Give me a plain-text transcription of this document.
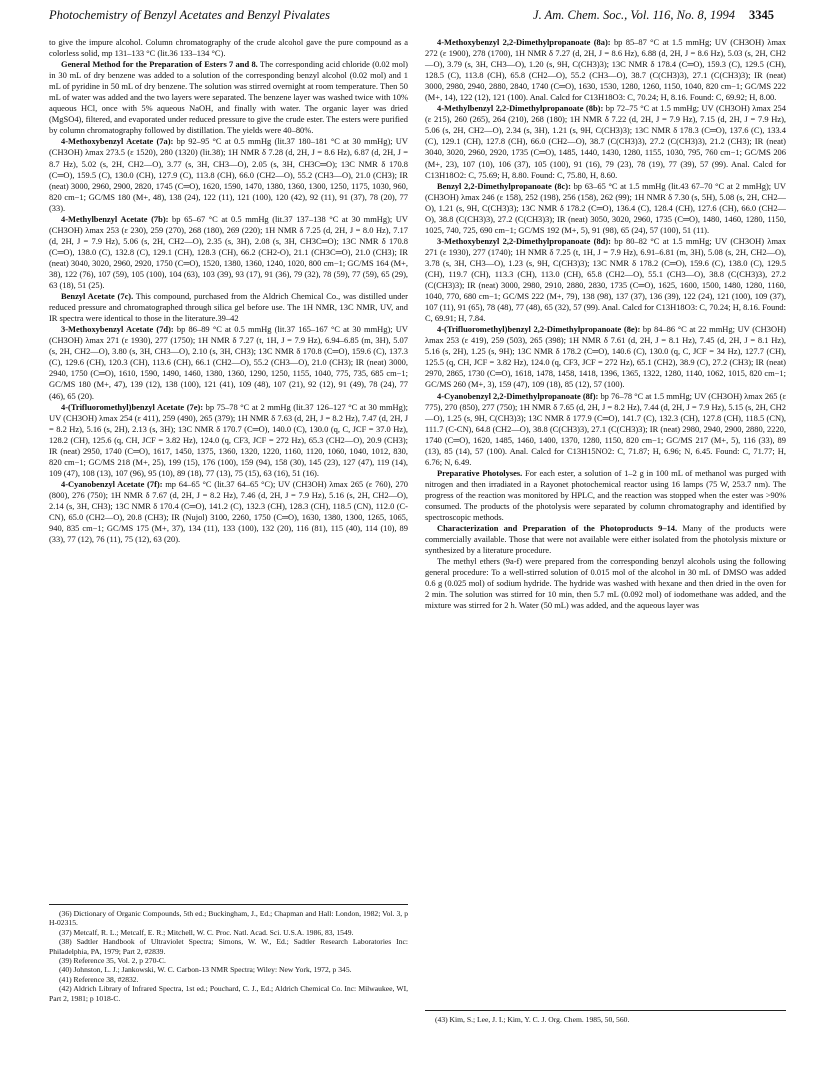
Photochemistry of Benzyl Acetates and Benzyl Pivalates	J. Am. Chem. Soc., Vol. 116, No. 8, 1994 3345

to give the impure alcohol. Column chromatography of the crude alcohol gave the pure compound as a colorless solid, mp 131–133 °C (lit.36 133–134 °C).

General Method for the Preparation of Esters 7 and 8. The corresponding acid chloride (0.02 mol) in 30 mL of dry benzene was added to a solution of the corresponding benzyl alcohol (0.02 mol) and 1 mL of pyridine in 50 mL of dry benzene. The solution was stirred overnight at room temperature. Then 50 mL of water was added and the two layers were separated. The benzene layer was washed twice with 10% aqueous HCl, once with 5% aqueous NaOH, and finally with water. The organic layer was dried (MgSO4), filtered, and evaporated under reduced pressure to give the crude ester. The esters were purified by column chromatography followed by distillation. The yields were 40–80%.

4-Methoxybenzyl Acetate (7a): bp 92–95 °C at 0.5 mmHg (lit.37 180–181 °C at 30 mmHg); UV (CH3OH) λmax 273.5 (ε 1520), 280 (1320) (lit.38); 1H NMR δ 7.28 (d, 2H, J = 8.6 Hz), 6.87 (d, 2H, J = 8.7 Hz), 5.02 (s, 2H, CH2—O), 3.77 (s, 3H, CH3—O), 2.05 (s, 3H, CH3C═O); 13C NMR δ 170.8 (C═O), 159.5 (C), 130.0 (CH), 127.9 (C), 113.8 (CH), 66.0 (CH2—O), 55.2 (CH3—O), 21.0 (CH3); IR (neat) 3000, 2960, 2900, 2820, 1745 (C═O), 1620, 1590, 1470, 1380, 1360, 1300, 1250, 1175, 1030, 960, 820 cm−1; GC/MS 180 (M+, 48), 138 (24), 122 (11), 121 (100), 120 (42), 92 (11), 91 (37), 78 (20), 77 (33).

4-Methylbenzyl Acetate (7b): bp 65–67 °C at 0.5 mmHg (lit.37 137–138 °C at 30 mmHg); UV (CH3OH) λmax 253 (ε 230), 259 (270), 268 (180), 269 (220); 1H NMR δ 7.25 (d, 2H, J = 8.0 Hz), 7.17 (d, 2H, J = 7.9 Hz), 5.06 (s, 2H, CH2—O), 2.35 (s, 3H), 2.08 (s, 3H, CH3C═O); 13C NMR δ 170.8 (C═O), 138.0 (C), 132.8 (C), 129.1 (CH), 128.3 (CH), 66.2 (CH2-O), 21.1 (CH3C═O), 21.0 (CH3); IR (neat) 3040, 3020, 2960, 2920, 1750 (C═O), 1520, 1380, 1360, 1240, 1020, 800 cm−1; GC/MS 164 (M+, 38), 122 (76), 107 (59), 105 (100), 104 (63), 103 (39), 93 (17), 91 (36), 79 (32), 78 (59), 77 (59), 65 (29), 63 (18), 51 (25).

Benzyl Acetate (7c). This compound, purchased from the Aldrich Chemical Co., was distilled under reduced pressure and chromatographed through silica gel before use. The 1H NMR, 13C NMR, UV, and IR spectra were identical to those in the literature.39–42

3-Methoxybenzyl Acetate (7d): bp 86–89 °C at 0.5 mmHg (lit.37 165–167 °C at 30 mmHg); UV (CH3OH) λmax 271 (ε 1930), 277 (1750); 1H NMR δ 7.27 (t, 1H, J = 7.9 Hz), 6.94–6.85 (m, 3H), 5.07 (s, 2H, CH2—O), 3.80 (s, 3H, CH3—O), 2.10 (s, 3H, CH3); 13C NMR δ 170.8 (C═O), 159.6 (C), 137.3 (C), 129.6 (CH), 120.3 (CH), 113.6 (CH), 66.1 (CH2—O), 55.2 (CH3—O), 21.0 (CH3); IR (neat) 3000, 2940, 1750 (C═O), 1610, 1590, 1490, 1460, 1380, 1360, 1290, 1250, 1155, 1040, 775, 735, 685 cm−1; GC/MS 180 (M+, 47), 139 (12), 138 (100), 121 (41), 109 (48), 107 (21), 92 (12), 91 (49), 78 (24), 77 (46), 65 (20).

4-(Trifluoromethyl)benzyl Acetate (7e): bp 75–78 °C at 2 mmHg (lit.37 126–127 °C at 30 mmHg); UV (CH3OH) λmax 254 (ε 411), 259 (490), 265 (379); 1H NMR δ 7.63 (d, 2H, J = 8.2 Hz), 7.47 (d, 2H, J = 8.2 Hz), 5.16 (s, 2H), 2.13 (s, 3H); 13C NMR δ 170.7 (C═O), 140.0 (C), 130.0 (q, C, JCF = 37.0 Hz), 128.2 (CH), 125.6 (q, CH, JCF = 3.82 Hz), 124.0 (q, CF3, JCF = 272 Hz), 65.3 (CH2—O), 20.9 (CH3); IR (neat) 2950, 1740 (C═O), 1617, 1450, 1375, 1360, 1320, 1220, 1160, 1120, 1060, 1040, 1012, 830, 820 cm−1; GC/MS 218 (M+, 25), 199 (15), 176 (100), 159 (94), 158 (30), 145 (23), 127 (47), 119 (14), 109 (47), 108 (13), 107 (96), 95 (10), 89 (18), 77 (13), 75 (15), 63 (16), 51 (16).

4-Cyanobenzyl Acetate (7f): mp 64–65 °C (lit.37 64–65 °C); UV (CH3OH) λmax 265 (ε 760), 270 (800), 276 (750); 1H NMR δ 7.67 (d, 2H, J = 8.2 Hz), 7.46 (d, 2H, J = 7.9 Hz), 5.16 (s, 2H, CH2—O), 2.14 (s, 3H, CH3); 13C NMR δ 170.4 (C═O), 141.2 (C), 132.3 (CH), 128.3 (CH), 118.5 (CN), 112.0 (C-CN), 65.0 (CH2—O), 20.8 (CH3); IR (Nujol) 3100, 2260, 1750 (C═O), 1630, 1380, 1300, 1265, 1065, 940, 835 cm−1; GC/MS 175 (M+, 37), 134 (11), 133 (100), 132 (20), 116 (81), 115 (40), 114 (10), 89 (33), 77 (12), 76 (11), 75 (12), 63 (20).

(36) Dictionary of Organic Compounds, 5th ed.; Buckingham, J., Ed.; Chapman and Hall: London, 1982; Vol. 3, p H-02315.

(37) Metcalf, R. L.; Metcalf, E. R.; Mitchell, W. C. Proc. Natl. Acad. Sci. U.S.A. 1986, 83, 1549.

(38) Sadtler Handbook of Ultraviolet Spectra; Simons, W. W., Ed.; Sadtler Research Laboratories Inc: Philadelphia, PA, 1979; Part 2, #2839.

(39) Reference 35, Vol. 2, p 270-C.

(40) Johnston, L. J.; Jankowski, W. C. Carbon-13 NMR Spectra; Wiley: New York, 1972, p 345.

(41) Reference 38, #2832.

(42) Aldrich Library of Infrared Spectra, 1st ed.; Pouchard, C. J., Ed.; Aldrich Chemical Co. Inc: Milwaukee, WI, Part 2, 1981; p 1018-C.

4-Methoxybenzyl 2,2-Dimethylpropanoate (8a): bp 85–87 °C at 1.5 mmHg; UV (CH3OH) λmax 272 (ε 1900), 278 (1700), 1H NMR δ 7.27 (d, 2H, J = 8.6 Hz), 6.88 (d, 2H, J = 8.6 Hz), 5.03 (s, 2H, CH2—O), 3.79 (s, 3H, CH3—O), 1.20 (s, 9H, C(CH3)3); 13C NMR δ 178.4 (C═O), 159.3 (C), 129.5 (CH), 128.5 (C), 113.8 (CH), 65.8 (CH2—O), 55.2 (CH3—O), 38.7 (C(CH3)3), 27.1 (C(CH3)3); IR (neat) 3000, 2980, 2940, 2880, 2840, 1740 (C═O), 1630, 1530, 1280, 1260, 1150, 1040, 820 cm−1; GC/MS 222 (M+, 14), 122 (12), 121 (100). Anal. Calcd for C13H18O3: C, 70.24; H, 8.16. Found: C, 69.92; H, 8.00.

4-Methylbenzyl 2,2-Dimethylpropanoate (8b): bp 72–75 °C at 1.5 mmHg; UV (CH3OH) λmax 254 (ε 215), 260 (265), 264 (210), 268 (180); 1H NMR δ 7.22 (d, 2H, J = 7.9 Hz), 7.15 (d, 2H, J = 7.9 Hz), 5.06 (s, 2H, CH2—O), 2.34 (s, 3H), 1.21 (s, 9H, C(CH3)3); 13C NMR δ 178.3 (C═O), 137.6 (C), 133.4 (C), 129.1 (CH), 127.8 (CH), 66.0 (CH2—O), 38.7 (C(CH3)3), 27.2 (C(CH3)3), 21.2 (CH3); IR (neat) 3040, 3020, 2960, 2920, 1735 (C═O), 1485, 1440, 1430, 1280, 1155, 1030, 795, 760 cm−1; GC/MS 206 (M+, 23), 107 (10), 106 (37), 105 (100), 91 (16), 79 (23), 78 (19), 77 (39), 57 (99). Anal. Calcd for C13H18O2: C, 75.69; H, 8.80. Found: C, 75.80, H, 8.60.

Benzyl 2,2-Dimethylpropanoate (8c): bp 63–65 °C at 1.5 mmHg (lit.43 67–70 °C at 2 mmHg); UV (CH3OH) λmax 246 (ε 158), 252 (198), 256 (158), 262 (99); 1H NMR δ 7.30 (s, 5H), 5.08 (s, 2H, CH2—O), 1.21 (s, 9H, C(CH3)3); 13C NMR δ 178.2 (C═O), 136.4 (C), 128.4 (CH), 127.6 (CH), 66.0 (CH2—O), 38.8 (C(CH3)3), 27.2 (C(CH3)3); IR (neat) 3050, 3020, 2960, 1735 (C═O), 1480, 1460, 1280, 1150, 1025, 740, 725, 690 cm−1; GC/MS 192 (M+, 5), 91 (98), 65 (24), 57 (100), 51 (11).

3-Methoxybenzyl 2,2-Dimethylpropanoate (8d): bp 80–82 °C at 1.5 mmHg; UV (CH3OH) λmax 271 (ε 1930), 277 (1740); 1H NMR δ 7.25 (t, 1H, J = 7.9 Hz), 6.91–6.81 (m, 3H), 5.08 (s, 2H, CH2—O), 3.78 (s, 3H, CH3—O), 1.23 (s, 9H, C(CH3)3); 13C NMR δ 178.2 (C═O), 159.6 (C), 138.0 (C), 129.5 (CH), 119.7 (CH), 113.3 (CH), 113.0 (CH), 65.8 (CH2—O), 55.1 (CH3—O), 38.8 (C(CH3)3), 27.2 (C(CH3)3); IR (neat) 3000, 2980, 2910, 2880, 2830, 1735 (C═O), 1625, 1600, 1500, 1480, 1280, 1160, 1040, 770, 680 cm−1; GC/MS 222 (M+, 79), 138 (98), 137 (37), 136 (39), 122 (24), 121 (100), 109 (37), 107 (11), 91 (65), 78 (48), 77 (48), 65 (32), 57 (99). Anal. Calcd for C13H18O3: C, 70.24; H, 8.16. Found: C, 69.91; H, 7.84.

4-(Trifluoromethyl)benzyl 2,2-Dimethylpropanoate (8e): bp 84–86 °C at 22 mmHg; UV (CH3OH) λmax 253 (ε 419), 259 (503), 265 (398); 1H NMR δ 7.61 (d, 2H, J = 8.1 Hz), 7.45 (d, 2H, J = 8.1 Hz), 5.16 (s, 2H), 1.25 (s, 9H); 13C NMR δ 178.2 (C═O), 140.6 (C), 130.0 (q, C, JCF = 34 Hz), 127.7 (CH), 125.5 (q, CH, JCF = 3.82 Hz), 124.0 (q, CF3, JCF = 272 Hz), 65.1 (CH2), 38.9 (C), 27.2 (CH3); IR (neat) 2970, 2865, 1730 (C═O), 1618, 1478, 1458, 1418, 1396, 1365, 1322, 1280, 1140, 1062, 1015, 820 cm−1; GC/MS 260 (M+, 3), 159 (47), 109 (18), 85 (12), 57 (100).

4-Cyanobenzyl 2,2-Dimethylpropanoate (8f): bp 76–78 °C at 1.5 mmHg; UV (CH3OH) λmax 265 (ε 775), 270 (850), 277 (750); 1H NMR δ 7.65 (d, 2H, J = 8.2 Hz), 7.44 (d, 2H, J = 7.9 Hz), 5.15 (s, 2H, CH2—O), 1.25 (s, 9H, C(CH3)3); 13C NMR δ 177.9 (C═O), 141.7 (C), 132.3 (CH), 127.8 (CH), 118.5 (CN), 111.7 (C-CN), 64.8 (CH2—O), 38.8 (C(CH3)3), 27.1 (C(CH3)3); IR (neat) 2980, 2940, 2900, 2880, 2220, 1740 (C═O), 1620, 1485, 1460, 1400, 1370, 1280, 1150, 820 cm−1; GC/MS 217 (M+, 5), 116 (33), 89 (13), 85 (14), 57 (100). Anal. Calcd for C13H15NO2: C, 71.87; H, 6.96; N, 6.45. Found: C, 71.77; H, 6.76; N, 6.49.

Preparative Photolyses. For each ester, a solution of 1–2 g in 100 mL of methanol was purged with nitrogen and then irradiated in a Rayonet photochemical reactor using 16 lamps (75 W, 253.7 nm). The progress of the reaction was monitored by HPLC, and the reaction was stopped when the ester was >90% consumed. The products of the photolysis were separated by column chromatography and identified by spectroscopic methods.

Characterization and Preparation of the Photoproducts 9–14. Many of the products were commercially available. Those that were not available were either isolated from the photolysis mixture or synthesized by a literature procedure.

The methyl ethers (9a-f) were prepared from the corresponding benzyl alcohols using the following general procedure: To a well-stirred solution of 0.015 mol of the alcohol in 30 mL of DMSO was added 0.6 g (0.025 mol) of sodium hydride. The hydride was washed with hexane and then dried in the oven for 2 min. The solution was stirred for 10 min, then 5.7 mL (0.092 mol) of iodomethane was added, and the mixture was stirred for 2 h. Water (50 mL) was added, and the aqueous layer was

(43) Kim, S.; Lee, J. I.; Kim, Y. C. J. Org. Chem. 1985, 50, 560.
